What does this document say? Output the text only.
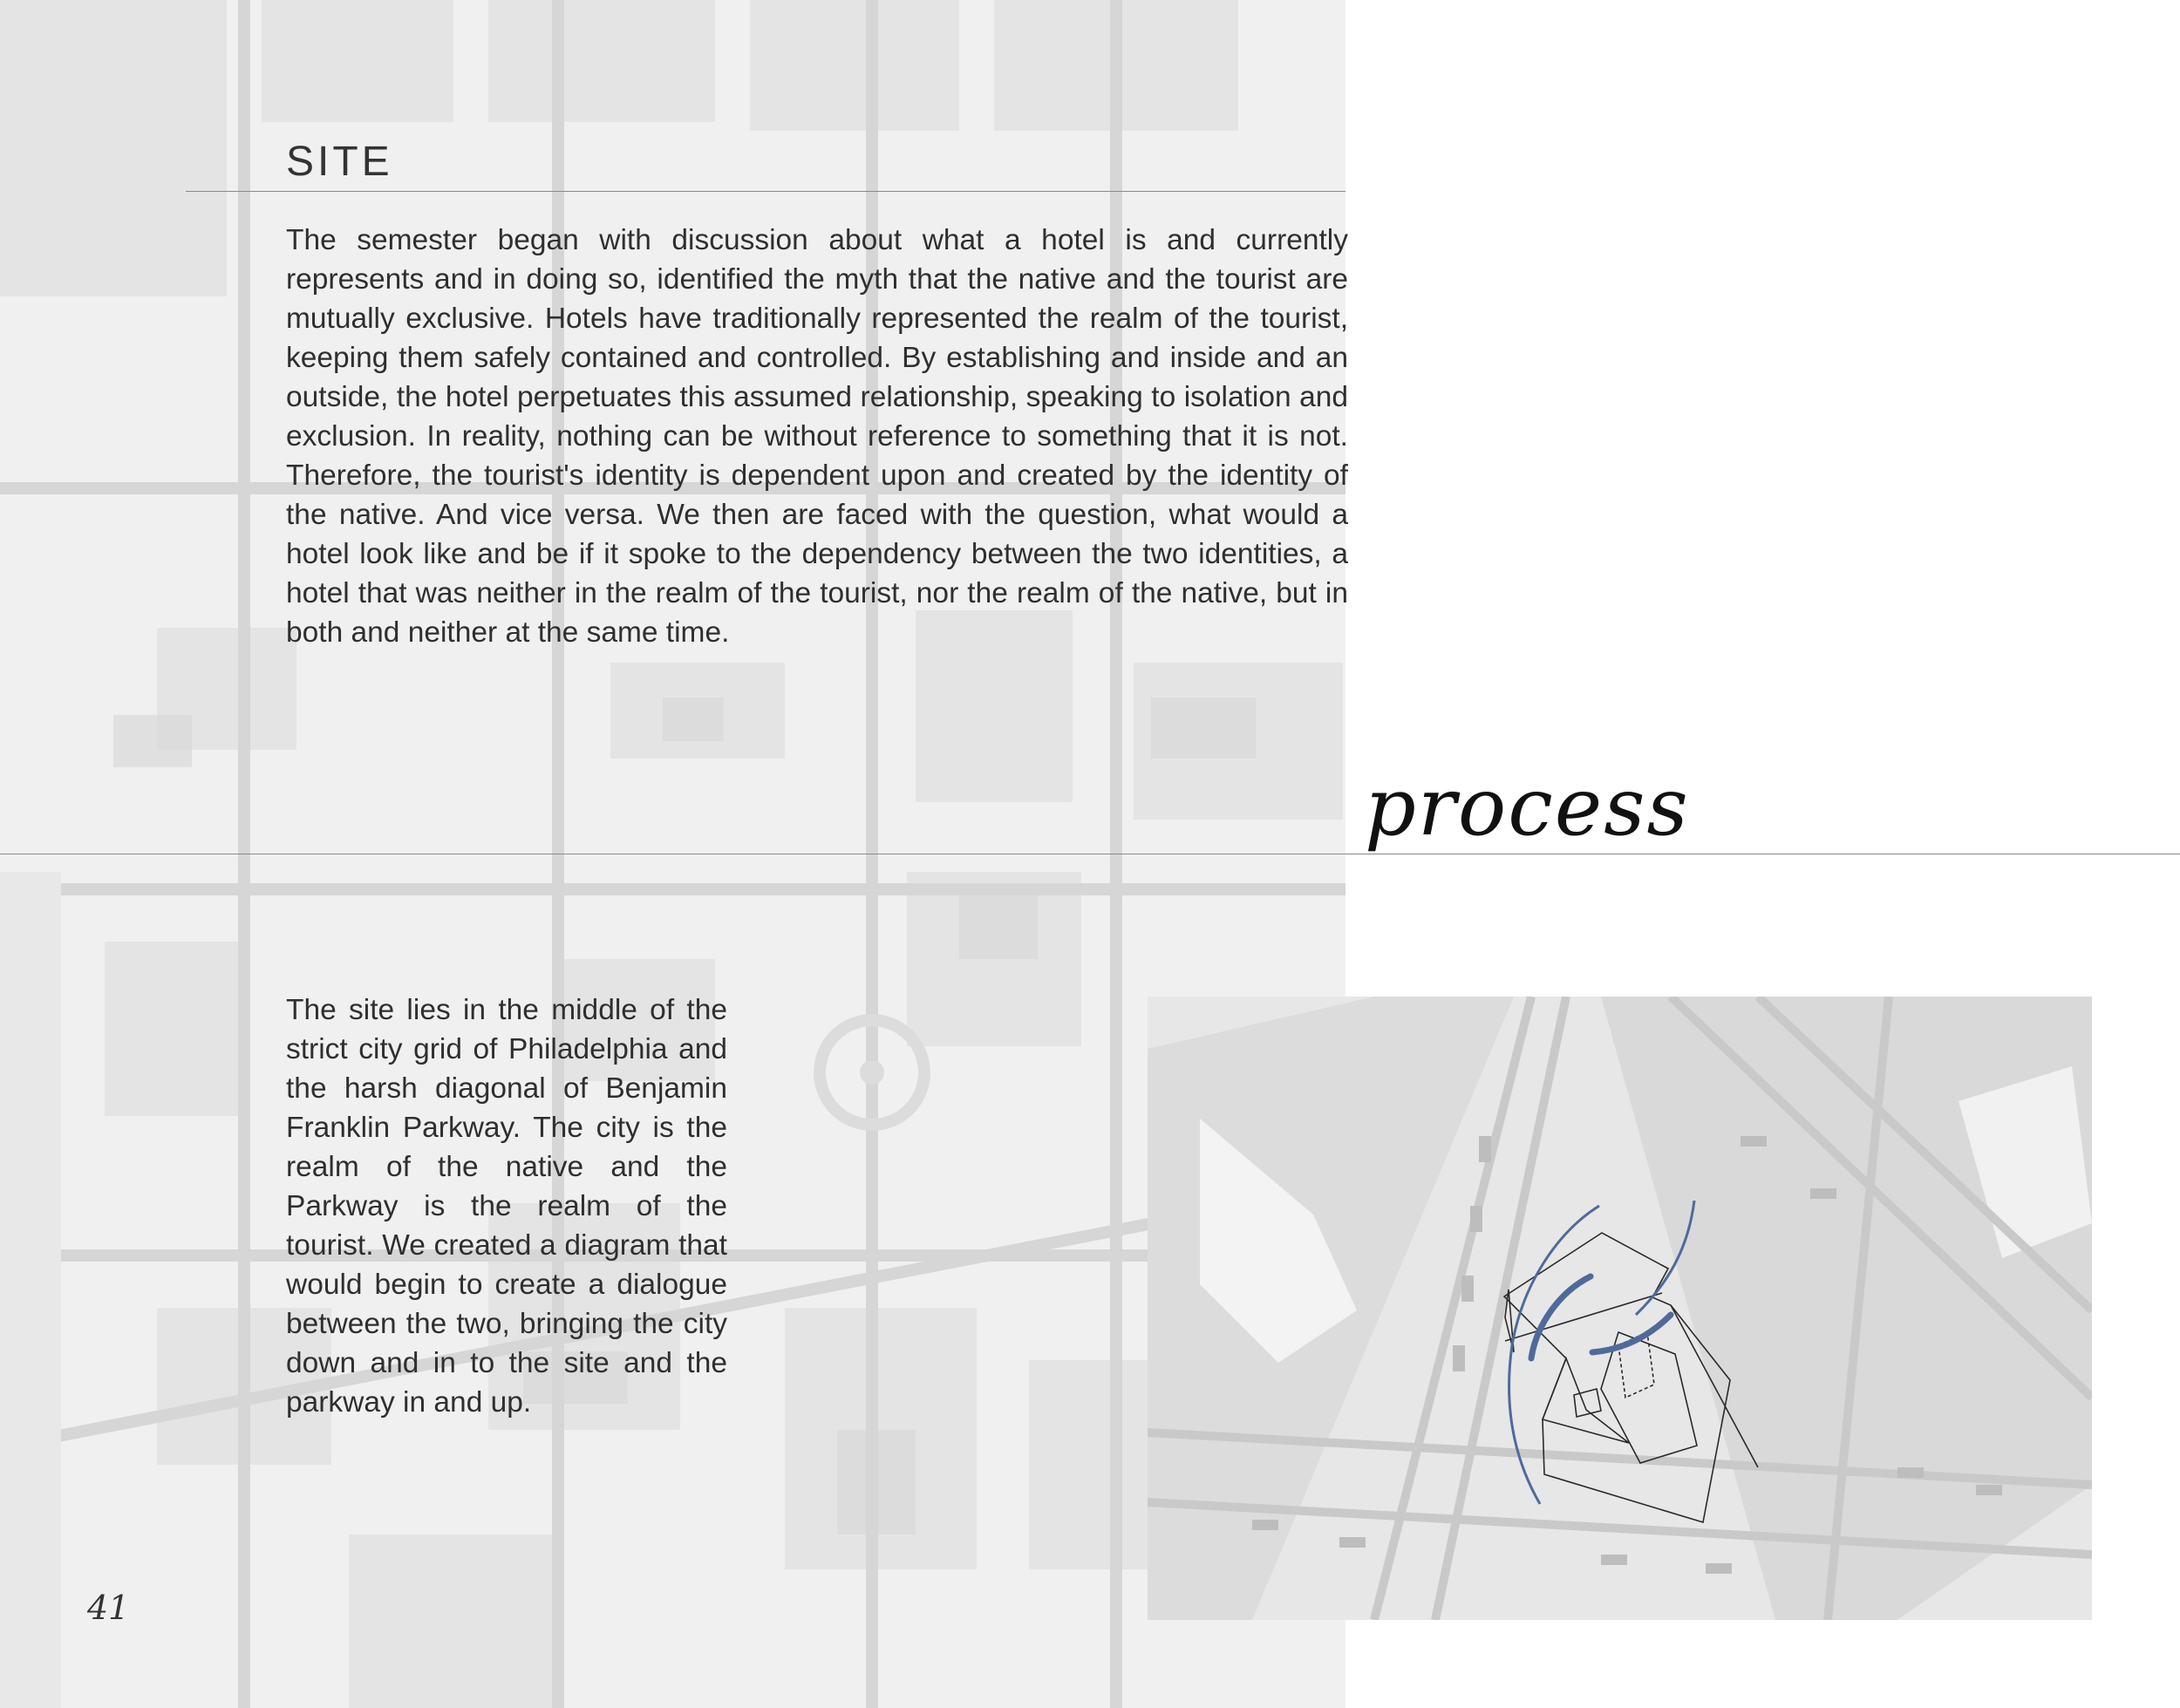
SITE

The semester began with discussion about what a hotel is and currently represents and in doing so, identified the myth that the native and the tourist are mutually exclusive. Hotels have traditionally represented the realm of the tourist, keeping them safely contained and controlled. By establishing and inside and an outside, the hotel perpetuates this assumed relationship, speaking to isolation and exclusion. In reality, nothing can be without reference to something that it is not. Therefore, the tourist's identity is dependent upon and created by the identity of the native. And vice versa. We then are faced with the question, what would a hotel look like and be if it spoke to the dependency between the two identities, a hotel that was neither in the realm of the tourist, nor the realm of the native, but in both and neither at the same time.

process

The site lies in the middle of the strict city grid of Philadelphia and the harsh diagonal of Benjamin Franklin Parkway. The city is the realm of the native and the Parkway is the realm of the tourist. We created a diagram that would begin to create a dialogue between the two, bringing the city down and in to the site and the parkway in and up.

41
